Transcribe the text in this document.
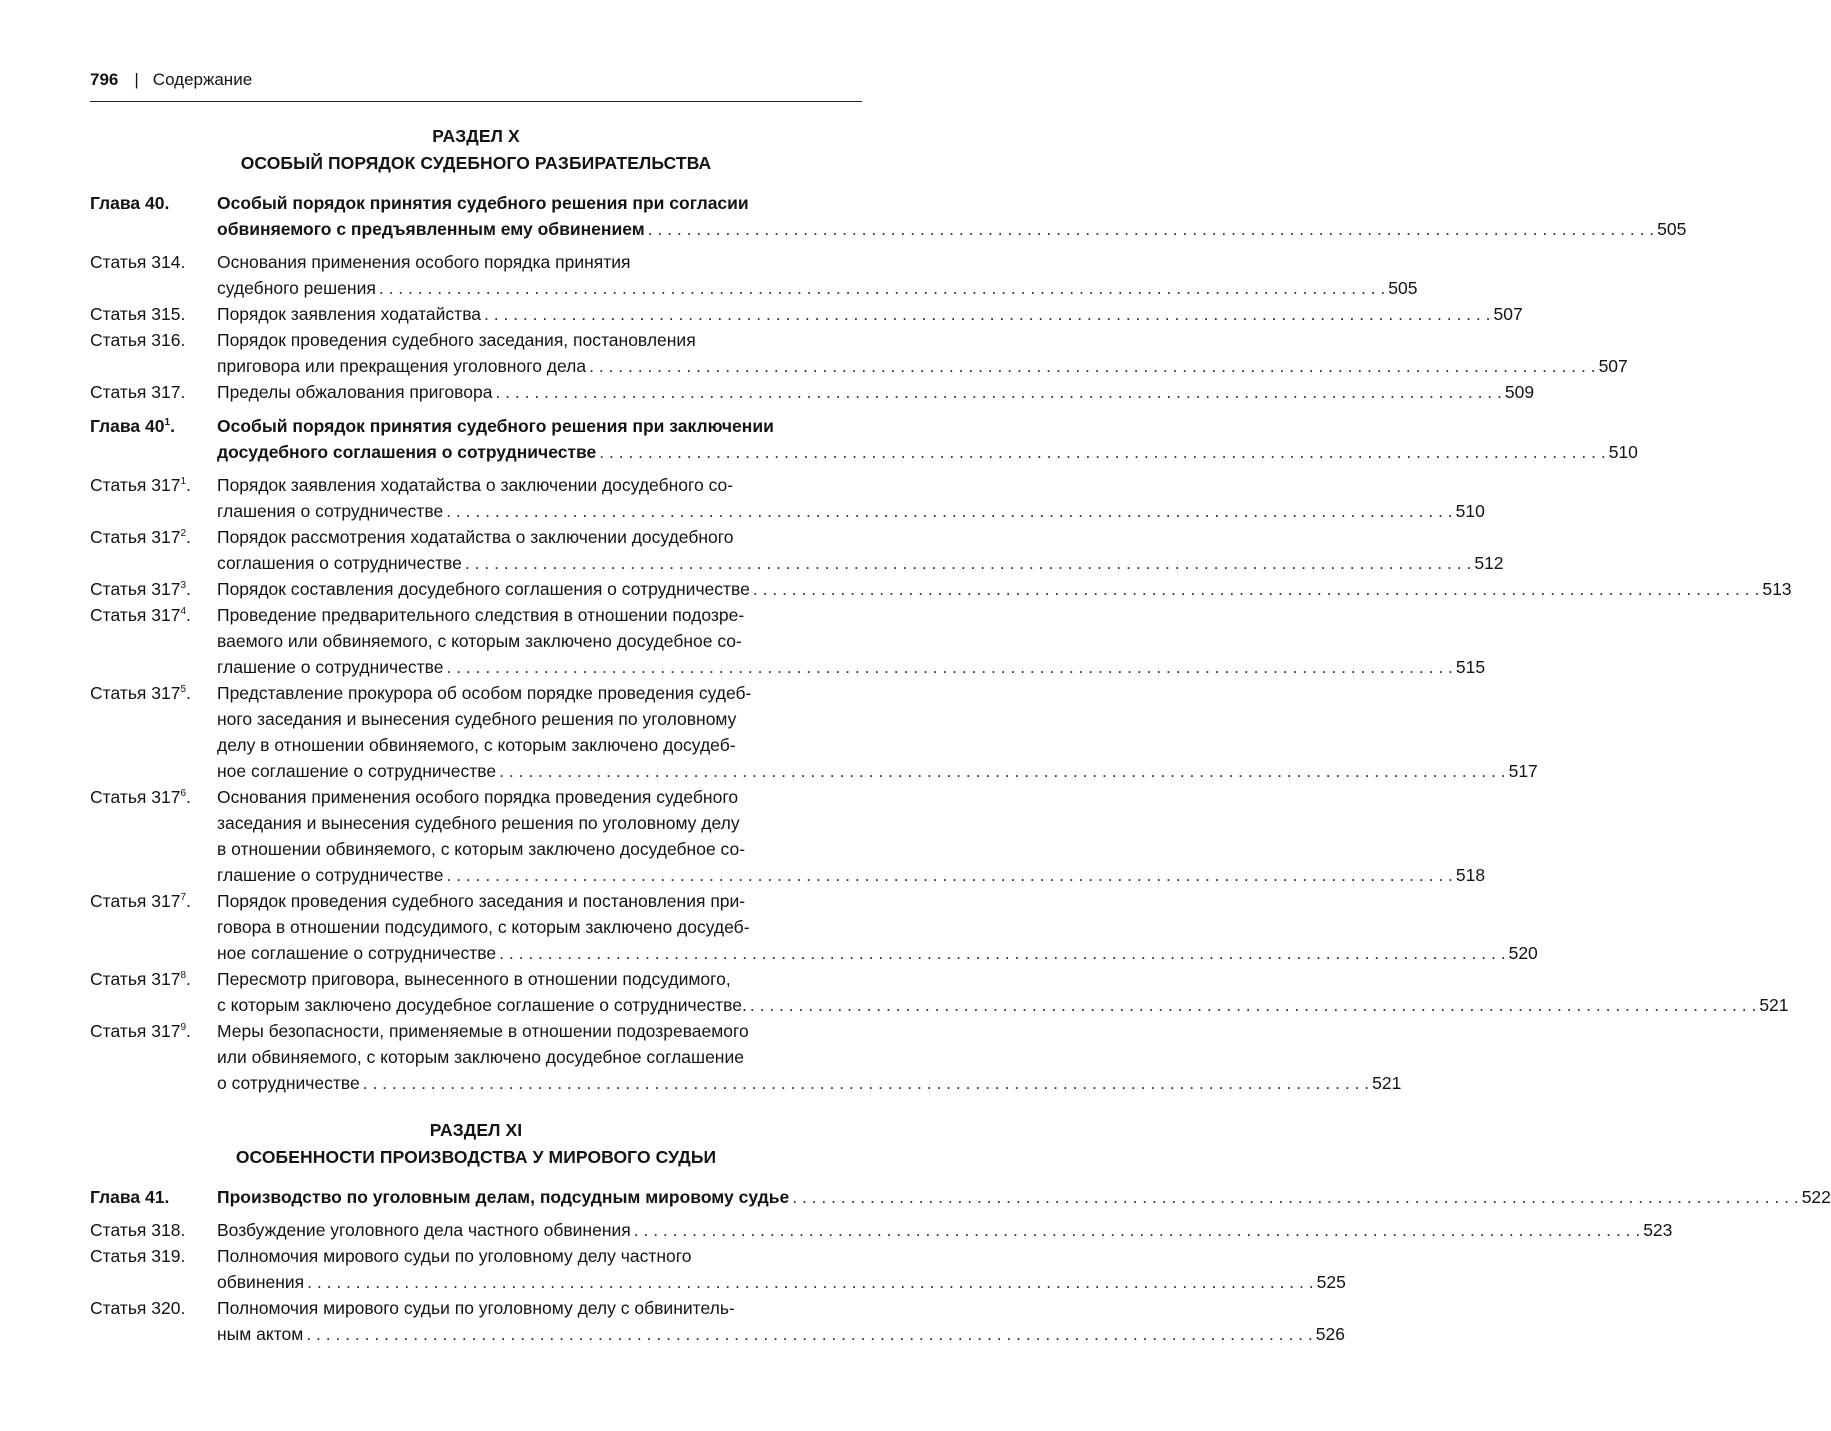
796 | Содержание
РАЗДЕЛ X
ОСОБЫЙ ПОРЯДОК СУДЕБНОГО РАЗБИРАТЕЛЬСТВА
Глава 40.	Особый порядок принятия судебного решения при согласии
обвиняемого с предъявленным ему обвинением . . .	505
Статья 314.	Основания применения особого порядка принятия
судебного решения . . .	505
Статья 315.	Порядок заявления ходатайства . . .	507
Статья 316.	Порядок проведения судебного заседания, постановления
приговора или прекращения уголовного дела . . .	507
Статья 317.	Пределы обжалования приговора . . .	509
Глава $40^1$.	Особый порядок принятия судебного решения при заключении
досудебного соглашения о сотрудничестве . . .	510
Статья $317^1$.	Порядок заявления ходатайства о заключении досудебного со-
глашения о сотрудничестве . . .	510
Статья $317^2$.	Порядок рассмотрения ходатайства о заключении досудебного
соглашения о сотрудничестве . . .	512
Статья $317^3$.	Порядок составления досудебного соглашения о сотрудничестве . . .	513
Статья $317^4$.	Проведение предварительного следствия в отношении подозре-
ваемого или обвиняемого, с которым заключено досудебное со-
глашение о сотрудничестве . . .	515
Статья $317^5$.	Представление прокурора об особом порядке проведения судеб-
ного заседания и вынесения судебного решения по уголовному
делу в отношении обвиняемого, с которым заключено досудеб-
ное соглашение о сотрудничестве . . .	517
Статья $317^6$.	Основания применения особого порядка проведения судебного
заседания и вынесения судебного решения по уголовному делу
в отношении обвиняемого, с которым заключено досудебное со-
глашение о сотрудничестве . . .	518
Статья $317^7$.	Порядок проведения судебного заседания и постановления при-
говора в отношении подсудимого, с которым заключено досудеб-
ное соглашение о сотрудничестве . . .	520
Статья $317^8$.	Пересмотр приговора, вынесенного в отношении подсудимого,
с которым заключено досудебное соглашение о сотрудничестве. . . .	521
Статья $317^9$.	Меры безопасности, применяемые в отношении подозреваемого
или обвиняемого, с которым заключено досудебное соглашение
о сотрудничестве . . .	521
РАЗДЕЛ XI
ОСОБЕННОСТИ ПРОИЗВОДСТВА У МИРОВОГО СУДЬИ
Глава 41.	Производство по уголовным делам, подсудным мировому судье . . .	522
Статья 318.	Возбуждение уголовного дела частного обвинения . . .	523
Статья 319.	Полномочия мирового судьи по уголовному делу частного
обвинения . . .	525
Статья 320.	Полномочия мирового судьи по уголовному делу с обвинитель-
ным актом . . .	526
